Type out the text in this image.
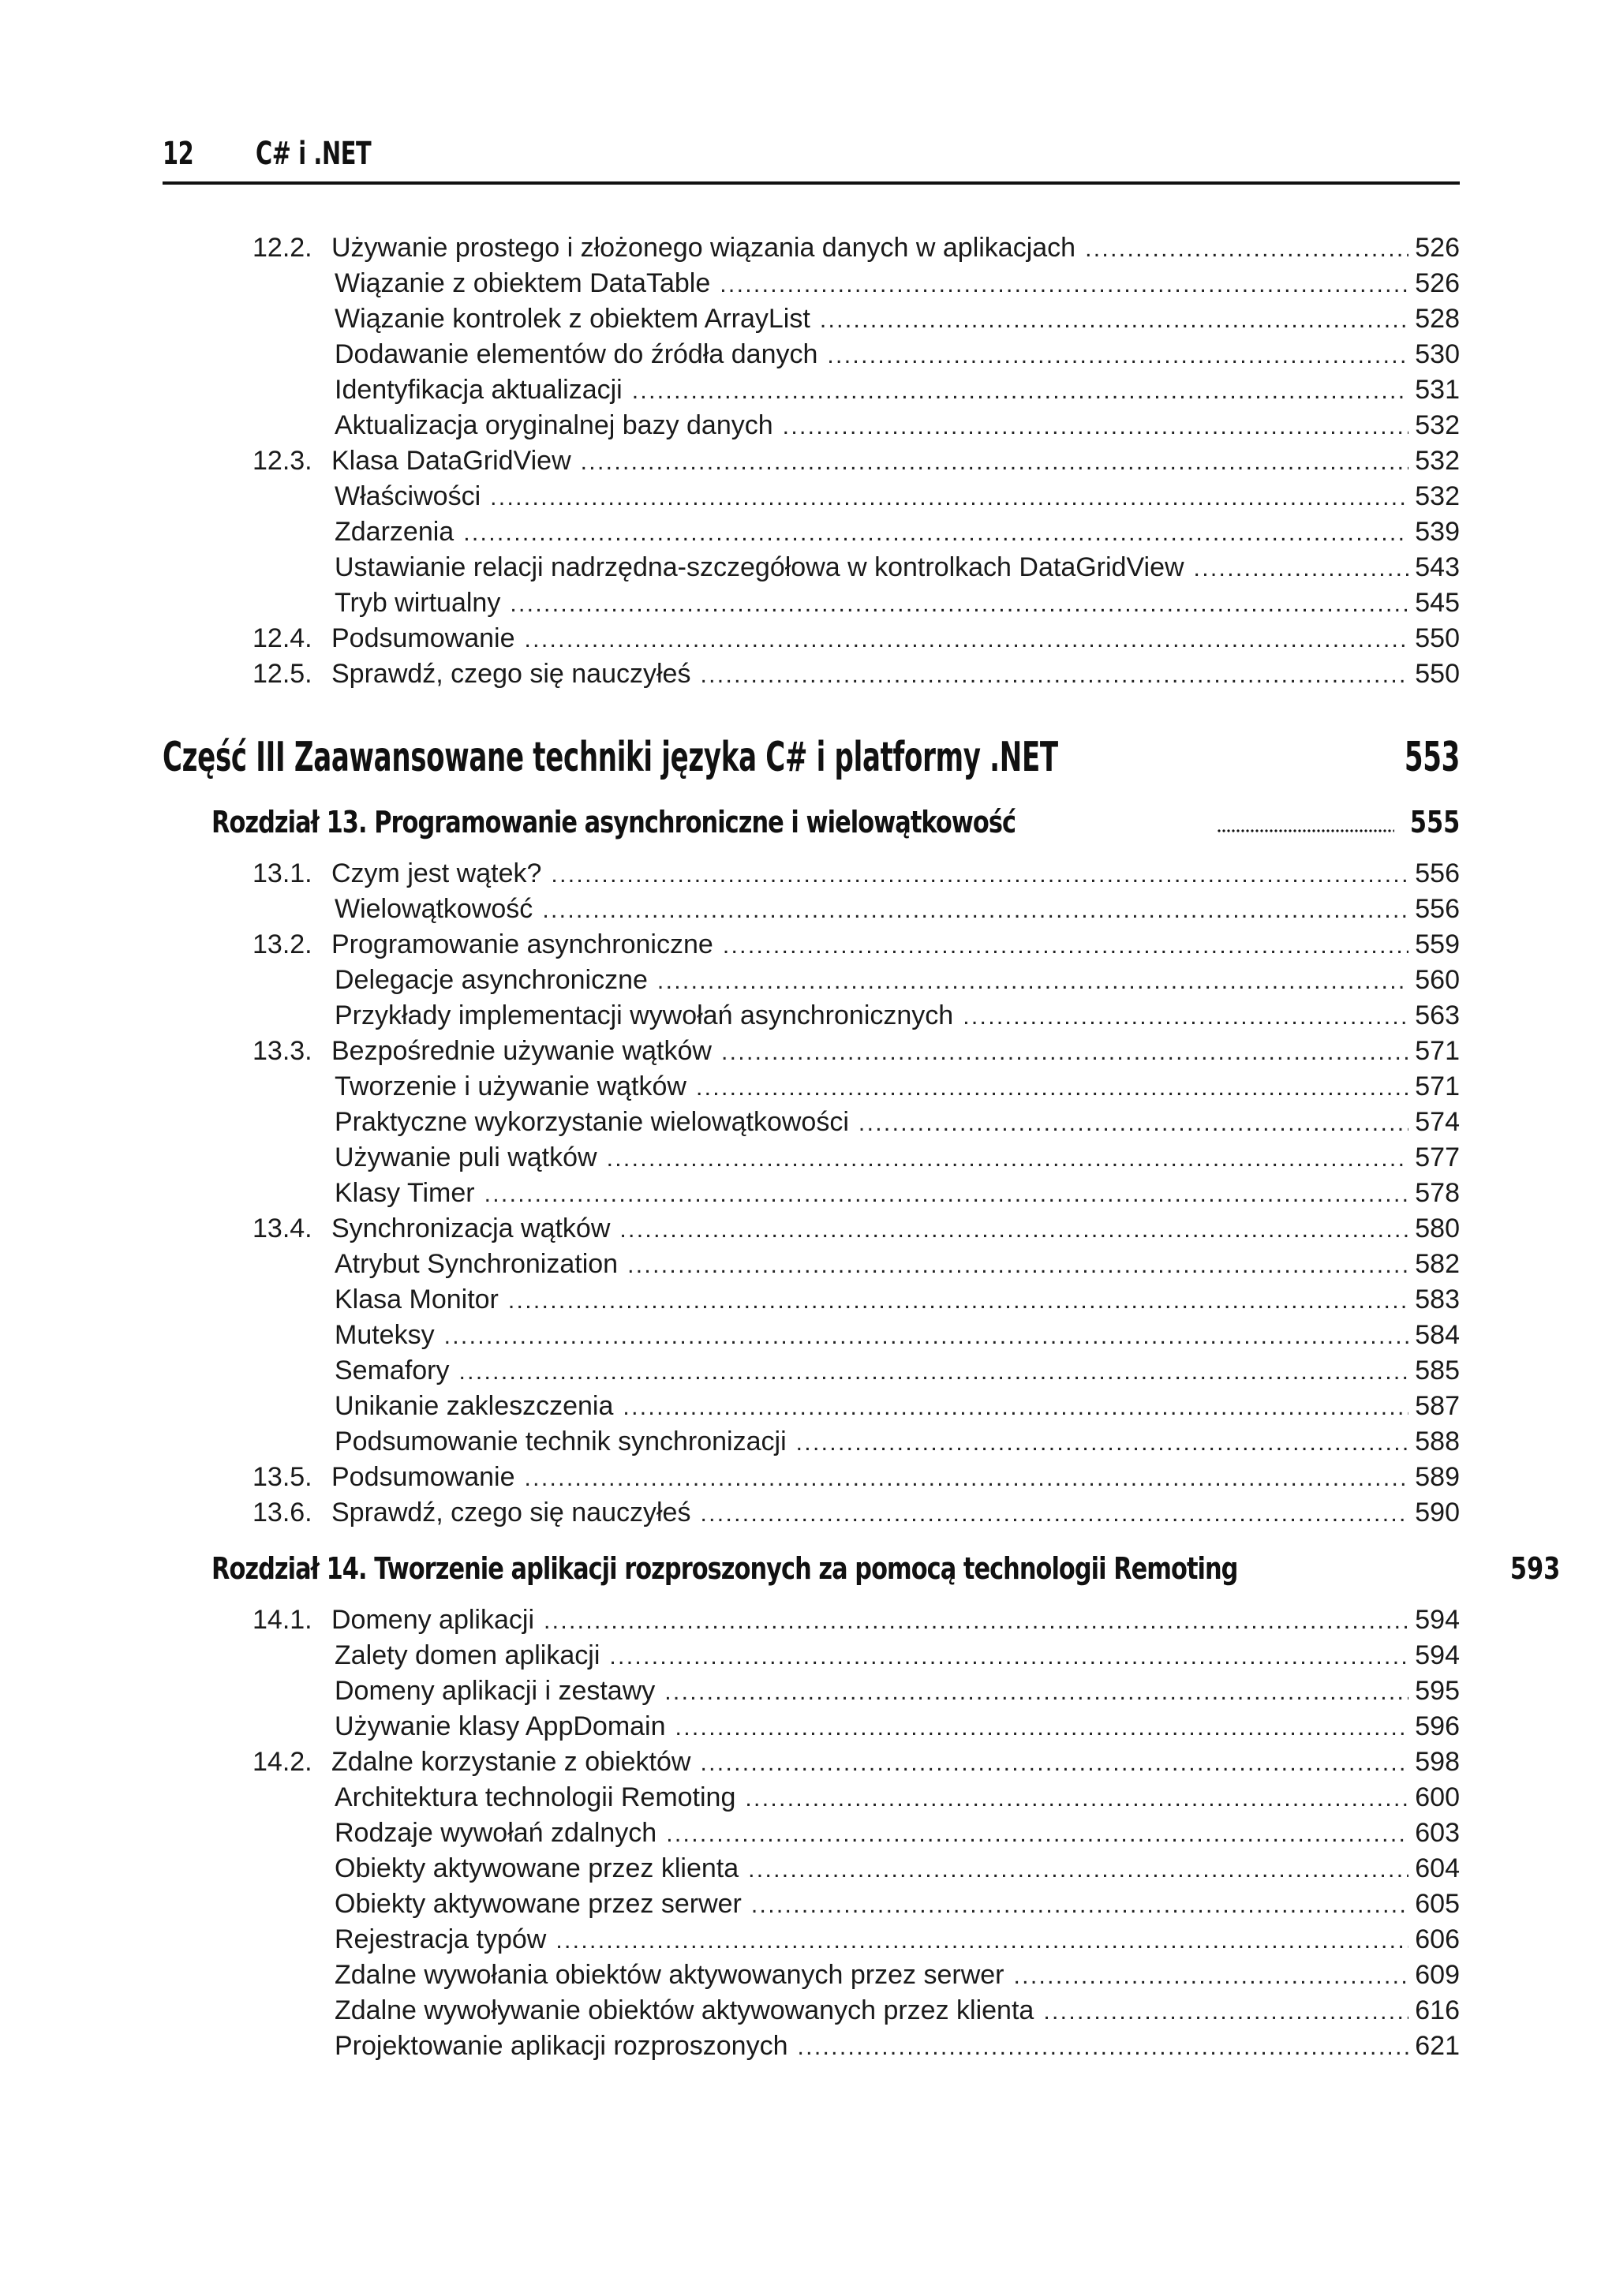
12 C# i .NET
12.2. Używanie prostego i złożonego wiązania danych w aplikacjach . . .	526
Wiązanie z obiektem DataTable . . .	526
Wiązanie kontrolek z obiektem ArrayList . . .	528
Dodawanie elementów do źródła danych . . .	530
Identyfikacja aktualizacji . . .	531
Aktualizacja oryginalnej bazy danych . . .	532
12.3. Klasa DataGridView . . .	532
Właściwości . . .	532
Zdarzenia . . .	539
Ustawianie relacji nadrzędna-szczegółowa w kontrolkach DataGridView . . .	543
Tryb wirtualny . . .	545
12.4. Podsumowanie . . .	550
12.5. Sprawdź, czego się nauczyłeś . . .	550
Część III Zaawansowane techniki języka C# i platformy .NET	553
Rozdział 13. Programowanie asynchroniczne i wielowątkowość	555
13.1. Czym jest wątek? . . .	556
Wielowątkowość . . .	556
13.2. Programowanie asynchroniczne . . .	559
Delegacje asynchroniczne . . .	560
Przykłady implementacji wywołań asynchronicznych . . .	563
13.3. Bezpośrednie używanie wątków . . .	571
Tworzenie i używanie wątków . . .	571
Praktyczne wykorzystanie wielowątkowości . . .	574
Używanie puli wątków . . .	577
Klasy Timer . . .	578
13.4. Synchronizacja wątków . . .	580
Atrybut Synchronization . . .	582
Klasa Monitor . . .	583
Muteksy . . .	584
Semafory . . .	585
Unikanie zakleszczenia . . .	587
Podsumowanie technik synchronizacji . . .	588
13.5. Podsumowanie . . .	589
13.6. Sprawdź, czego się nauczyłeś . . .	590
Rozdział 14. Tworzenie aplikacji rozproszonych za pomocą technologii Remoting	593
14.1. Domeny aplikacji . . .	594
Zalety domen aplikacji . . .	594
Domeny aplikacji i zestawy . . .	595
Używanie klasy AppDomain . . .	596
14.2. Zdalne korzystanie z obiektów . . .	598
Architektura technologii Remoting . . .	600
Rodzaje wywołań zdalnych . . .	603
Obiekty aktywowane przez klienta . . .	604
Obiekty aktywowane przez serwer . . .	605
Rejestracja typów . . .	606
Zdalne wywołania obiektów aktywowanych przez serwer . . .	609
Zdalne wywoływanie obiektów aktywowanych przez klienta . . .	616
Projektowanie aplikacji rozproszonych . . .	621
